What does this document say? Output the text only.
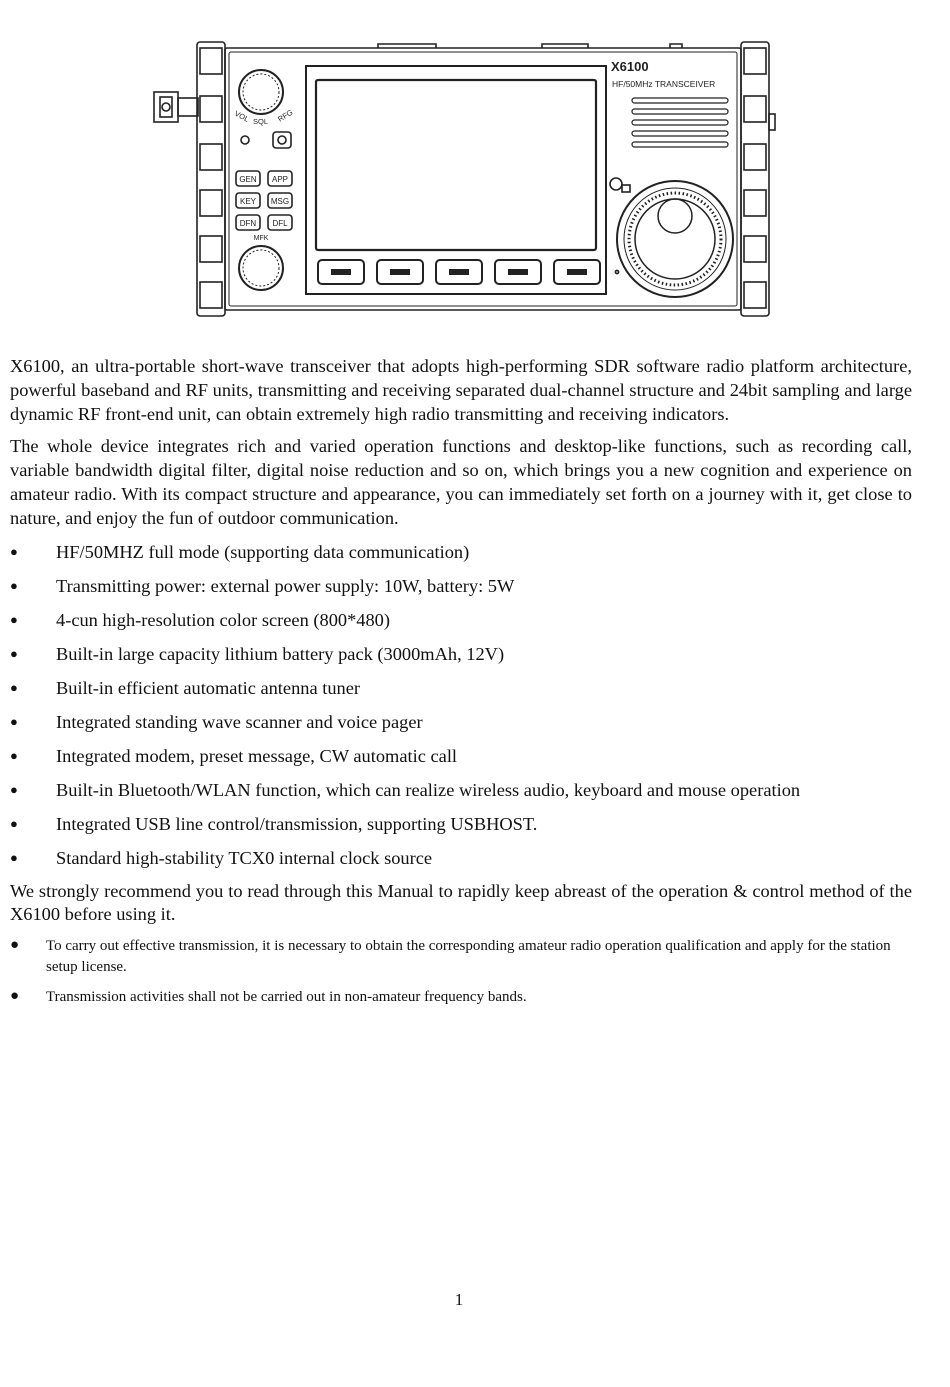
X6100
HF/50MHz TRANSCEIVER
VOL SQL RFG
GEN APP
KEY MSG
DFN DFL
MFK

X6100, an ultra-portable short-wave transceiver that adopts high-performing SDR software radio platform architecture, powerful baseband and RF units, transmitting and receiving separated dual-channel structure and 24bit sampling and large dynamic RF front-end unit, can obtain extremely high radio transmitting and receiving indicators.

The whole device integrates rich and varied operation functions and desktop-like functions, such as recording call, variable bandwidth digital filter, digital noise reduction and so on, which brings you a new cognition and experience on amateur radio. With its compact structure and appearance, you can immediately set forth on a journey with it, get close to nature, and enjoy the fun of outdoor communication.

● HF/50MHZ full mode (supporting data communication)
● Transmitting power: external power supply: 10W, battery: 5W
● 4-cun high-resolution color screen (800*480)
● Built-in large capacity lithium battery pack (3000mAh, 12V)
● Built-in efficient automatic antenna tuner
● Integrated standing wave scanner and voice pager
● Integrated modem, preset message, CW automatic call
● Built-in Bluetooth/WLAN function, which can realize wireless audio, keyboard and mouse operation
● Integrated USB line control/transmission, supporting USBHOST.
● Standard high-stability TCX0 internal clock source

We strongly recommend you to read through this Manual to rapidly keep abreast of the operation & control method of the X6100 before using it.

● To carry out effective transmission, it is necessary to obtain the corresponding amateur radio operation qualification and apply for the station setup license.
● Transmission activities shall not be carried out in non-amateur frequency bands.
1
